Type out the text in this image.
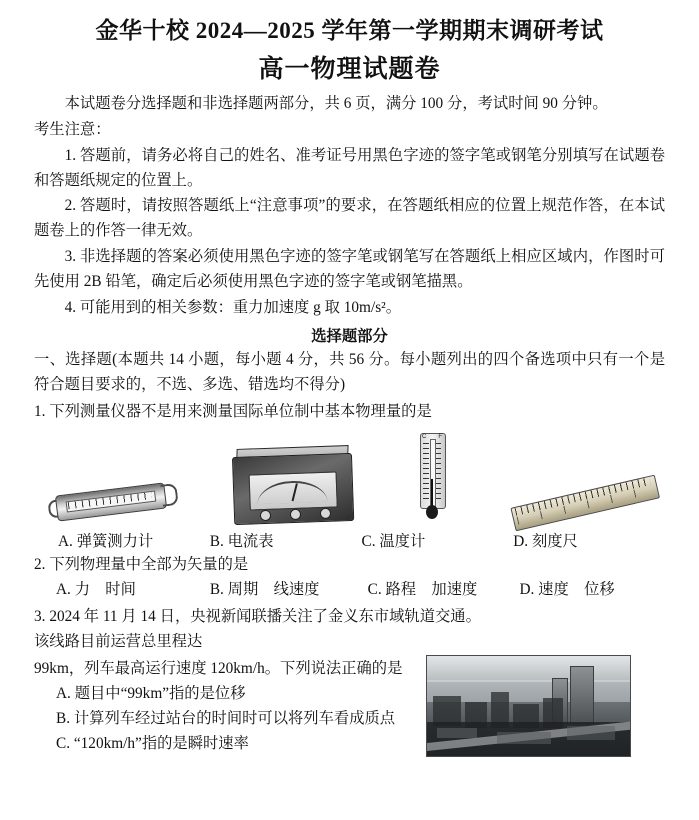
金华十校 2024—2025 学年第一学期期末调研考试
高一物理试题卷

本试题卷分选择题和非选择题两部分，共 6 页，满分 100 分，考试时间 90 分钟。

考生注意：

1. 答题前，请务必将自己的姓名、准考证号用黑色字迹的签字笔或钢笔分别填写在试题卷和答题纸规定的位置上。

2. 答题时，请按照答题纸上“注意事项”的要求，在答题纸相应的位置上规范作答，在本试题卷上的作答一律无效。

3. 非选择题的答案必须使用黑色字迹的签字笔或钢笔写在答题纸上相应区域内，作图时可先使用 2B 铅笔，确定后必须使用黑色字迹的签字笔或钢笔描黑。

4. 可能用到的相关参数：重力加速度 g 取 10m/s²。

选择题部分

一、选择题(本题共 14 小题，每小题 4 分，共 56 分。每小题列出的四个备选项中只有一个是符合题目要求的，不选、多选、错选均不得分)

1. 下列测量仪器不是用来测量国际单位制中基本物理量的是

C F
A. 弹簧测力计	B. 电流表	C. 温度计	D. 刻度尺

2. 下列物理量中全部为矢量的是

A. 力　时间	B. 周期　线速度	C. 路程　加速度	D. 速度　位移

3. 2024 年 11 月 14 日，央视新闻联播关注了金义东市域轨道交通。该线路目前运营总里程达

99km，列车最高运行速度 120km/h。下列说法正确的是

A. 题目中“99km”指的是位移
B. 计算列车经过站台的时间时可以将列车看成质点
C. “120km/h”指的是瞬时速率
